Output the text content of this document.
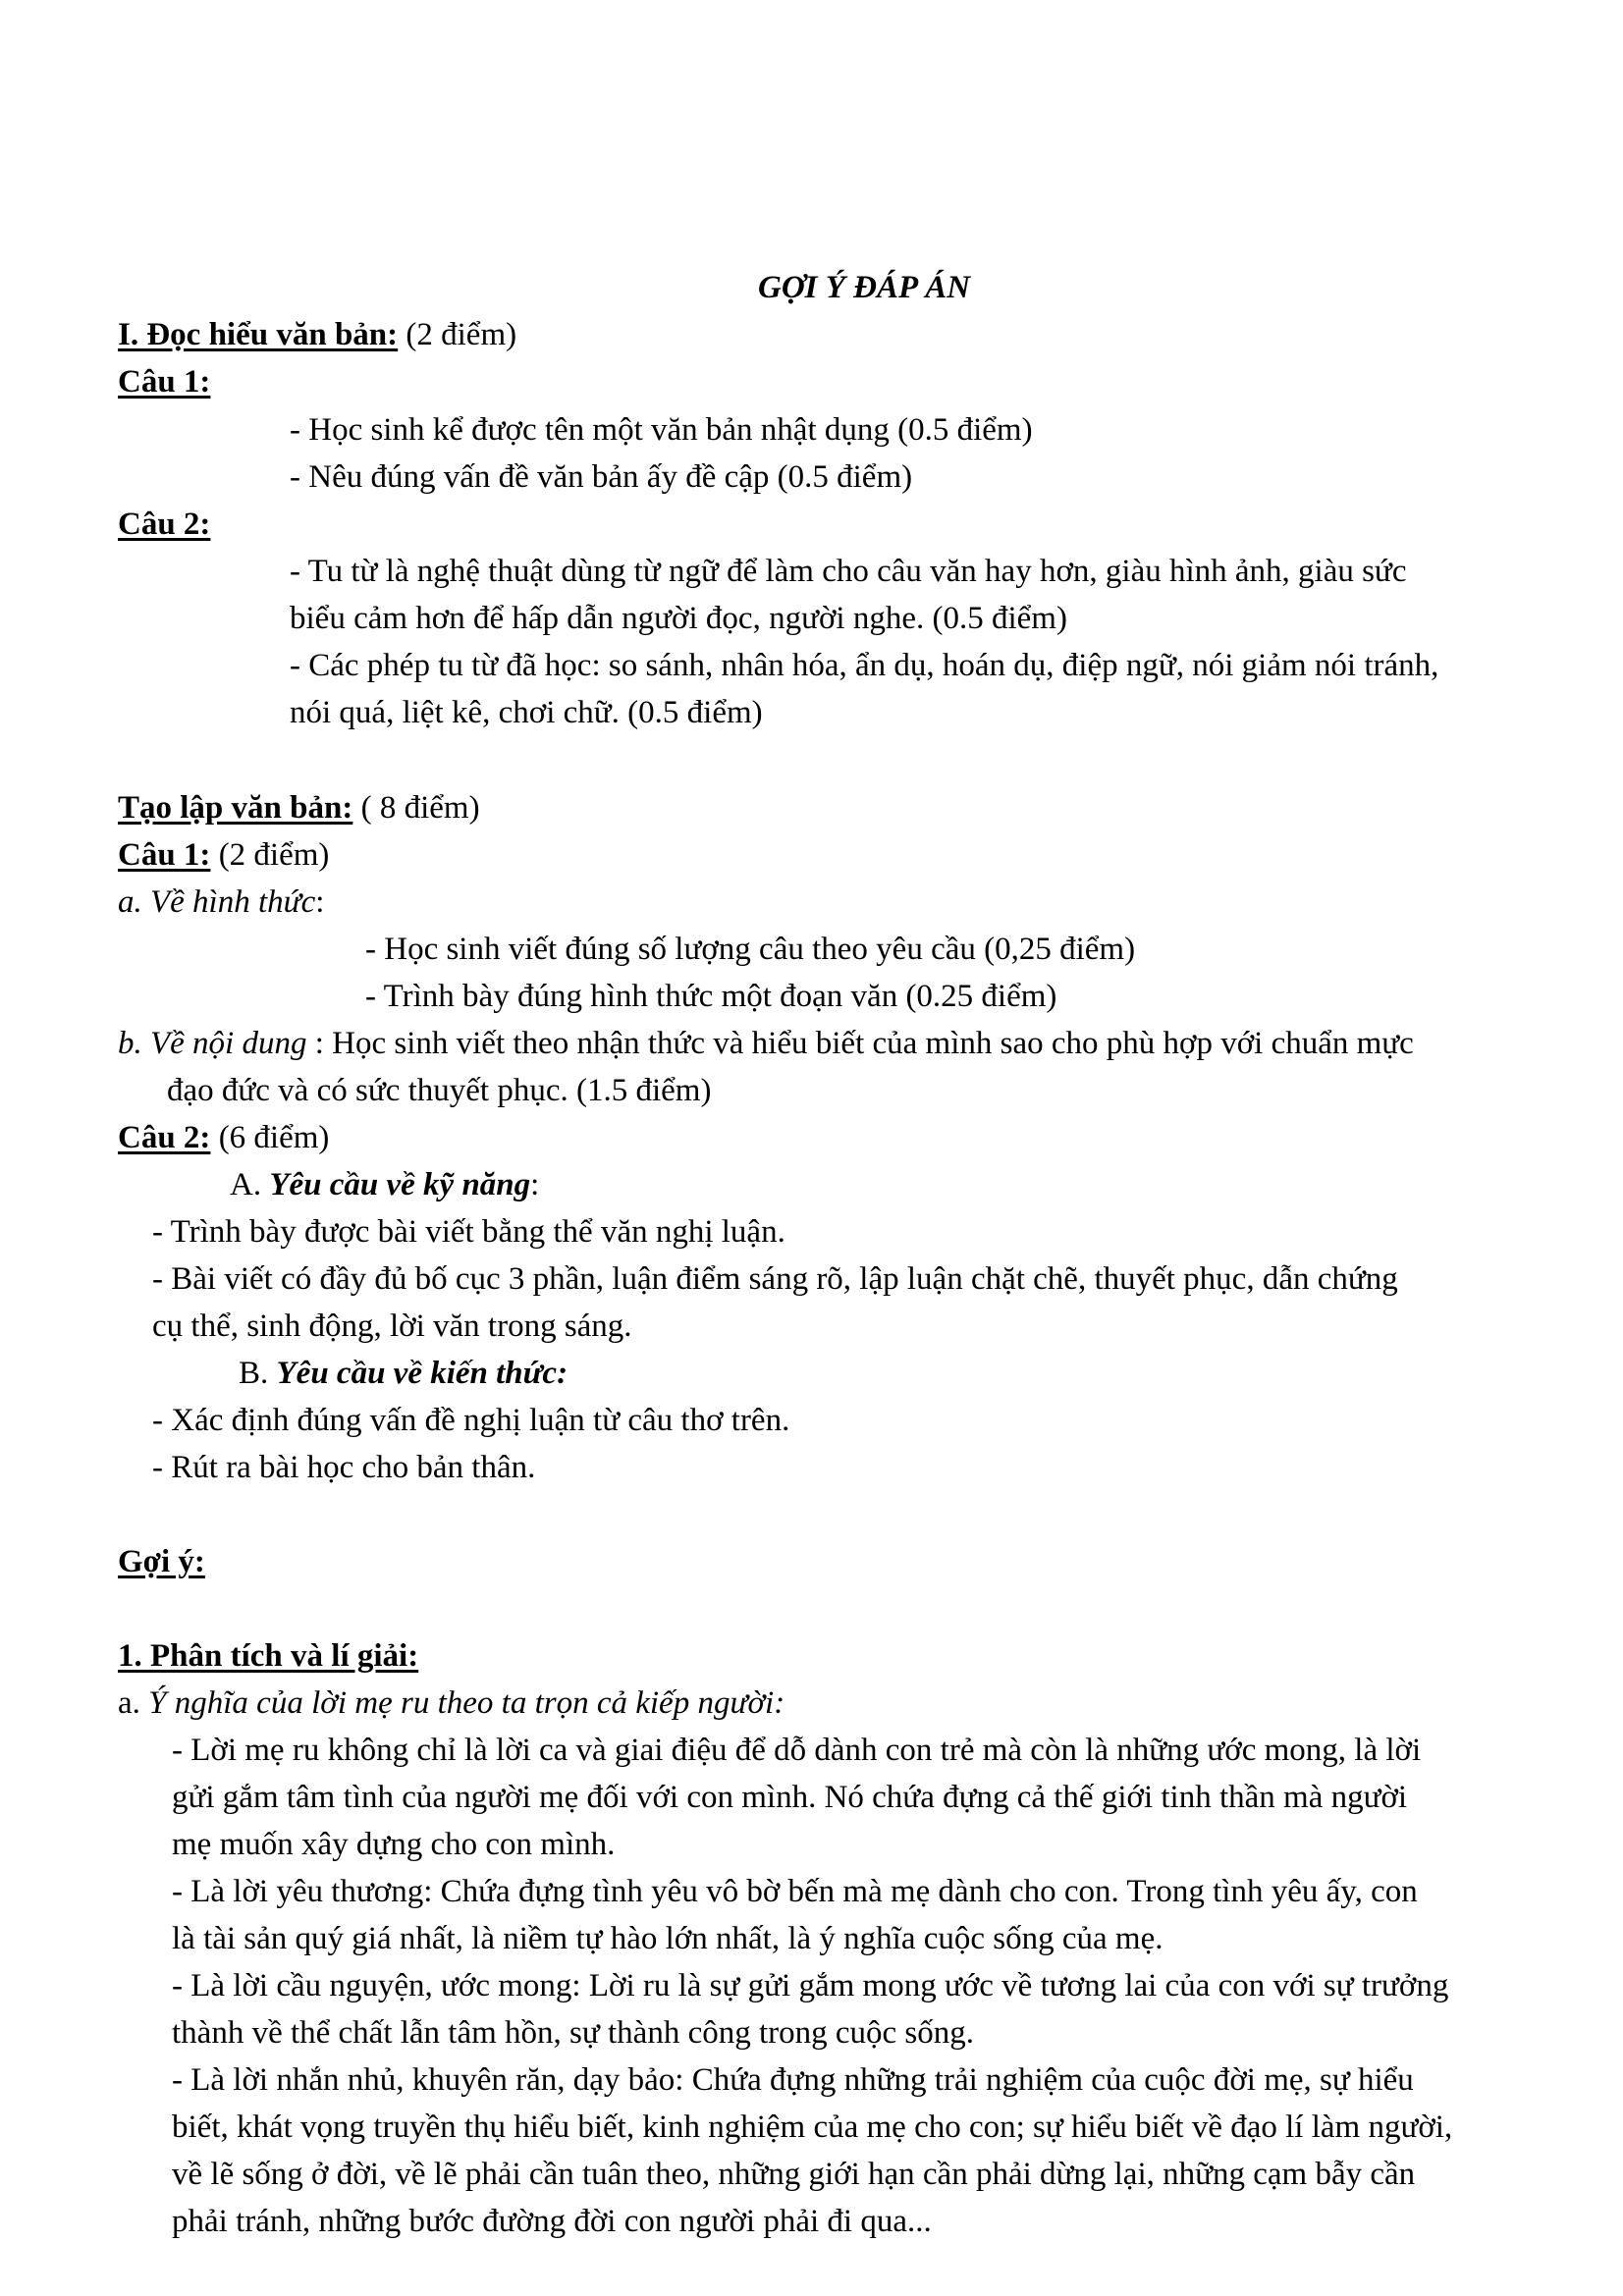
GỢI Ý ĐÁP ÁN
I. Đọc hiểu văn bản: (2 điểm)
Câu 1:
- Học sinh kể được tên một văn bản nhật dụng (0.5 điểm)
- Nêu đúng vấn đề văn bản ấy đề cập (0.5 điểm)
Câu 2:
- Tu từ là nghệ thuật dùng từ ngữ để làm cho câu văn hay hơn, giàu hình ảnh, giàu sức
biểu cảm hơn để hấp dẫn người đọc, người nghe. (0.5 điểm)
- Các phép tu từ đã học: so sánh, nhân hóa, ẩn dụ, hoán dụ, điệp ngữ, nói giảm nói tránh,
nói quá, liệt kê, chơi chữ. (0.5 điểm)
Tạo lập văn bản: ( 8 điểm)
Câu 1: (2 điểm)
a. Về hình thức:
- Học sinh viết đúng số lượng câu theo yêu cầu (0,25 điểm)
- Trình bày đúng hình thức một đoạn văn (0.25 điểm)
b. Về nội dung : Học sinh viết theo nhận thức và hiểu biết của mình sao cho phù hợp với chuẩn mực
đạo đức và có sức thuyết phục. (1.5 điểm)
Câu 2: (6 điểm)
A. Yêu cầu về kỹ năng:
- Trình bày được bài viết bằng thể văn nghị luận.
- Bài viết có đầy đủ bố cục 3 phần, luận điểm sáng rõ, lập luận chặt chẽ, thuyết phục, dẫn chứng
cụ thể, sinh động, lời văn trong sáng.
B. Yêu cầu về kiến thức:
- Xác định đúng vấn đề nghị luận từ câu thơ trên.
- Rút ra bài học cho bản thân.
Gợi ý:
1. Phân tích và lí giải:
a. Ý nghĩa của lời mẹ ru theo ta trọn cả kiếp người:
- Lời mẹ ru không chỉ là lời ca và giai điệu để dỗ dành con trẻ mà còn là những ước mong, là lời
gửi gắm tâm tình của người mẹ đối với con mình. Nó chứa đựng cả thế giới tinh thần mà người
mẹ muốn xây dựng cho con mình.
- Là lời yêu thương: Chứa đựng tình yêu vô bờ bến mà mẹ dành cho con. Trong tình yêu ấy, con
là tài sản quý giá nhất, là niềm tự hào lớn nhất, là ý nghĩa cuộc sống của mẹ.
- Là lời cầu nguyện, ước mong: Lời ru là sự gửi gắm mong ước về tương lai của con với sự trưởng
thành về thể chất lẫn tâm hồn, sự thành công trong cuộc sống.
- Là lời nhắn nhủ, khuyên răn, dạy bảo: Chứa đựng những trải nghiệm của cuộc đời mẹ, sự hiểu
biết, khát vọng truyền thụ hiểu biết, kinh nghiệm của mẹ cho con; sự hiểu biết về đạo lí làm người,
về lẽ sống ở đời, về lẽ phải cần tuân theo, những giới hạn cần phải dừng lại, những cạm bẫy cần
phải tránh, những bước đường đời con người phải đi qua...
